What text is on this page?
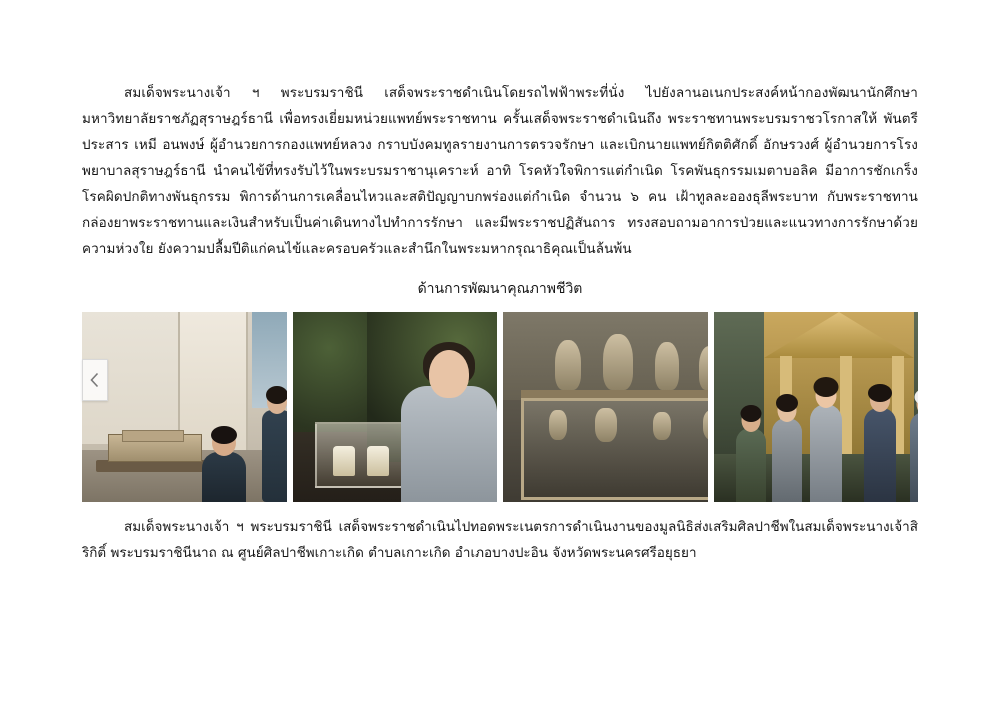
สมเด็จพระนางเจ้า ฯ พระบรมราชินี เสด็จพระราชดำเนินโดยรถไฟฟ้าพระที่นั่ง ไปยังลานอเนกประสงค์หน้ากองพัฒนานักศึกษา มหาวิทยาลัยราชภัฏสุราษฎร์ธานี เพื่อทรงเยี่ยมหน่วยแพทย์พระราชทาน ครั้นเสด็จพระราชดำเนินถึง พระราชทานพระบรมราชวโรกาสให้ พันตรี ประสาร เหมี อนพงษ์ ผู้อำนวยการกองแพทย์หลวง กราบบังคมทูลรายงานการตรวจรักษา และเบิกนายแพทย์กิตติศักดิ์ อักษรวงศ์ ผู้อำนวยการโรงพยาบาลสุราษฎร์ธานี นำคนไข้ที่ทรงรับไว้ในพระบรมราชานุเคราะห์ อาทิ โรคหัวใจพิการแต่กำเนิด โรคพันธุกรรมเมตาบอลิค มีอาการชักเกร็ง โรคผิดปกติทางพันธุกรรม พิการด้านการเคลื่อนไหวและสติปัญญาบกพร่องแต่กำเนิด จำนวน ๖ คน เฝ้าทูลละอองธุลีพระบาท กับพระราชทานกล่องยาพระราชทานและเงินสำหรับเป็นค่าเดินทางไปทำการรักษา และมีพระราชปฏิสันถาร ทรงสอบถามอาการป่วยและแนวทางการรักษาด้วยความห่วงใย ยังความปลื้มปีติแก่คนไข้และครอบครัวและสำนึกในพระมหากรุณาธิคุณเป็นล้นพ้น

ด้านการพัฒนาคุณภาพชีวิต

สมเด็จพระนางเจ้า ฯ พระบรมราชินี เสด็จพระราชดำเนินไปทอดพระเนตรการดำเนินงานของมูลนิธิส่งเสริมศิลปาชีพในสมเด็จพระนางเจ้าสิริกิติ์ พระบรมราชินีนาถ ณ ศูนย์ศิลปาชีพเกาะเกิด ตำบลเกาะเกิด อำเภอบางปะอิน จังหวัดพระนครศรีอยุธยา
